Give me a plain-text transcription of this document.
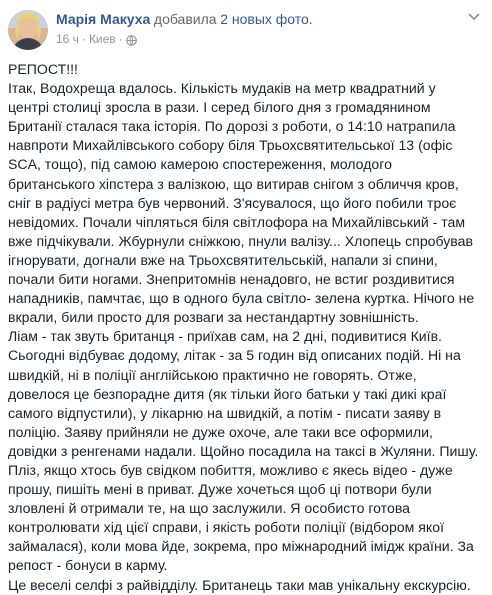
Марія Макуха добавила 2 новых фото.
16 ч · Киев ·

РЕПОСТ!!!

Ітак, Водохреща вдалось. Кількість мудаків на метр квадратний у центрі столиці зросла в рази. І серед білого дня з громадянином Британії сталася така історія. По дорозі з роботи, о 14:10 натрапила навпроти Михайлівського собору біля Трьохсвятительської 13 (офіс SCA, тощо), під самою камерою спостереження, молодого британського хіпстера з валізкою, що витирав снігом з обличчя кров, сніг в радіусі метра був червоний. З'ясувалося, що його побили троє невідомих. Почали чіпляться біля світлофора на Михайлівський - там вже підчікували. Жбурнули сніжкою, пнули валізу... Хлопець спробував ігнорувати, догнали вже на Трьохсвятительській, напали зі спини, почали бити ногами. Знепритомнів ненадовго, не встиг роздивитися нападників, памчтає, що в одного була світло- зелена куртка. Нічого не вкрали, били просто для розваги за нестандартну зовнішність.

Ліам - так звуть британця - приїхав сам, на 2 дні, подивитися Київ. Сьогодні відбуває додому, літак - за 5 годин від описаних подій. Ні на швидкій, ні в поліції англійською практично не говорять. Отже, довелося це безпорадне дитя (як тільки його батьки у такі дикі краї самого відпустили), у лікарню на швидкій, а потім - писати заяву в поліцію. Заяву прийняли не дуже охоче, але таки все оформили, довідки з ренгенами надали. Щойно посадила на таксі в Жуляни. Пишу.

Пліз, якщо хтось був свідком побиття, можливо є якесь відео - дуже прошу, пишіть мені в приват. Дуже хочеться щоб ці потвори були зловлені й отримали те, на що заслужили. Я особисто готова контролювати хід цієї справи, і якість роботи поліції (відбором якої займалася), коли мова йде, зокрема, про міжнародний імідж країни. За репост - бонуси в карму.

Це веселі селфі з райвідділу. Британець таки мав унікальну екскурсію.
